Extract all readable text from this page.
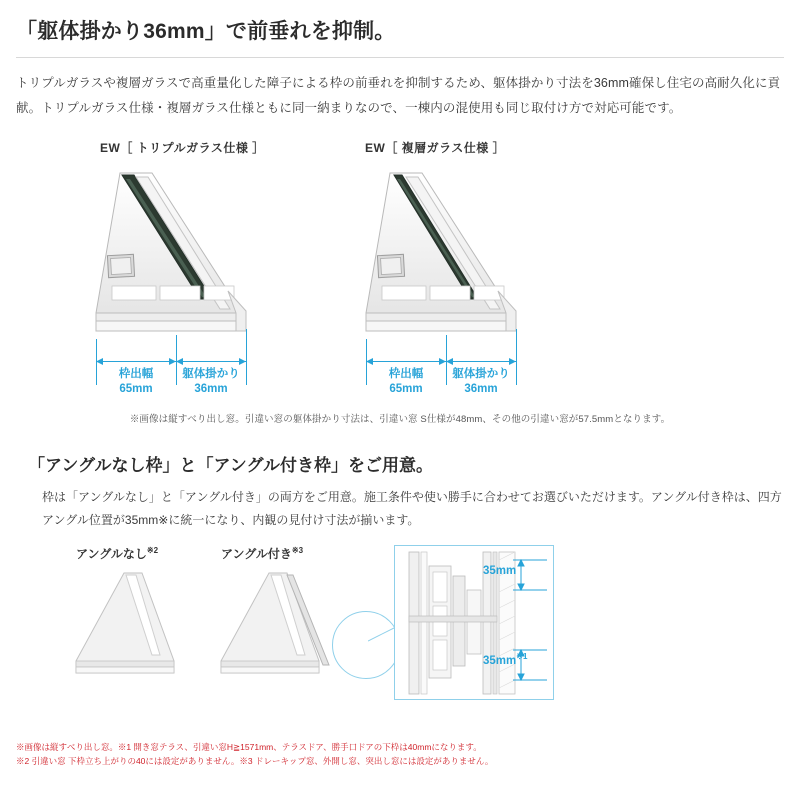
「躯体掛かり36mm」で前垂れを抑制。

トリプルガラスや複層ガラスで高重量化した障子による枠の前垂れを抑制するため、躯体掛かり寸法を36mm確保し住宅の高耐久化に貢献。トリプルガラス仕様・複層ガラス仕様ともに同一納まりなので、一棟内の混使用も同じ取付け方で対応可能です。

EW［ トリプルガラス仕様 ］	EW［ 複層ガラス仕様 ］
枠出幅
65mm
躯体掛かり
36mm
枠出幅
65mm
躯体掛かり
36mm
※画像は縦すべり出し窓。引違い窓の躯体掛かり寸法は、引違い窓 S仕様が48mm、その他の引違い窓が57.5mmとなります。
「アングルなし枠」と「アングル付き枠」をご用意。

枠は「アングルなし」と「アングル付き」の両方をご用意。施工条件や使い勝手に合わせてお選びいただけます。アングル付き枠は、四方アングル位置が35mm※に統一になり、内観の見付け寸法が揃います。

アングルなし$^{※2}$	アングル付き$^{※3}$
35mm
$35mm^{※1}$
※画像は縦すべり出し窓。※1 開き窓テラス、引違い窓H≧1571mm、テラスドア、勝手口ドアの下枠は40mmになります。
※2 引違い窓 下枠立ち上がりの40には設定がありません。※3 ドレーキップ窓、外開し窓、突出し窓には設定がありません。
